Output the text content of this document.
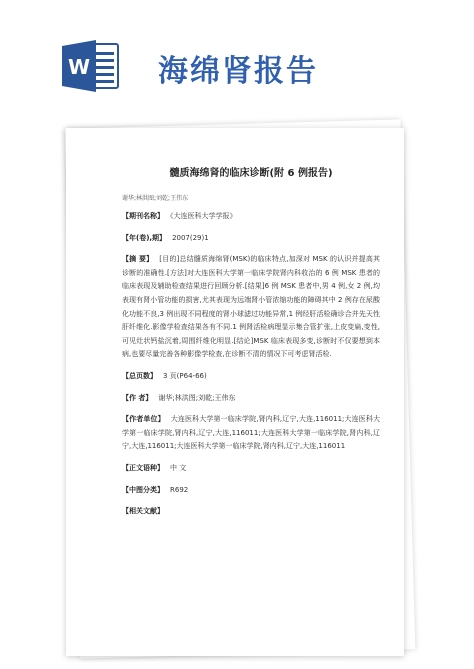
W 海绵肾报告
髓质海绵肾的临床诊断(附 6 例报告)
谢华;林洪图;刘乾;王伟东
【期刊名称】 《大连医科大学学报》
【年(卷),期】 2007(29)1
【摘 要】 [目的]总结髓质海绵肾(MSK)的临床特点,加深对 MSK 的认识并提高其诊断的准确性.[方法]对大连医科大学第一临床学院肾内科收治的 6 例 MSK 患者的临床表现及辅助检查结果进行回顾分析.[结果]6 例 MSK 患者中,男 4 例,女 2 例,均表现有肾小管功能的损害,尤其表现为远端肾小管浓缩功能的障碍其中 2 例存在尿酸化功能不良,3 例出现不同程度的肾小球滤过功能异常,1 例经肝活检确诊合并先天性肝纤维化.影像学检查结果各有不同.1 例肾活检病理显示集合管扩张,上皮变扁,变性,可见灶状钙盐沉着,周围纤维化明显.[结论]MSK 临床表现多变,诊断时不仅要想到本病,也要尽量完善各种影像学检查,在诊断不清的情况下可考虑肾活检.
【总页数】 3 页(P64-66)
【作 者】 谢华;林洪图;刘乾;王伟东
【作者单位】 大连医科大学第一临床学院,肾内科,辽宁,大连,116011;大连医科大学第一临床学院,肾内科,辽宁,大连,116011;大连医科大学第一临床学院,肾内科,辽宁,大连,116011;大连医科大学第一临床学院,肾内科,辽宁,大连,116011
【正文语种】 中 文
【中图分类】 R692
【相关文献】
